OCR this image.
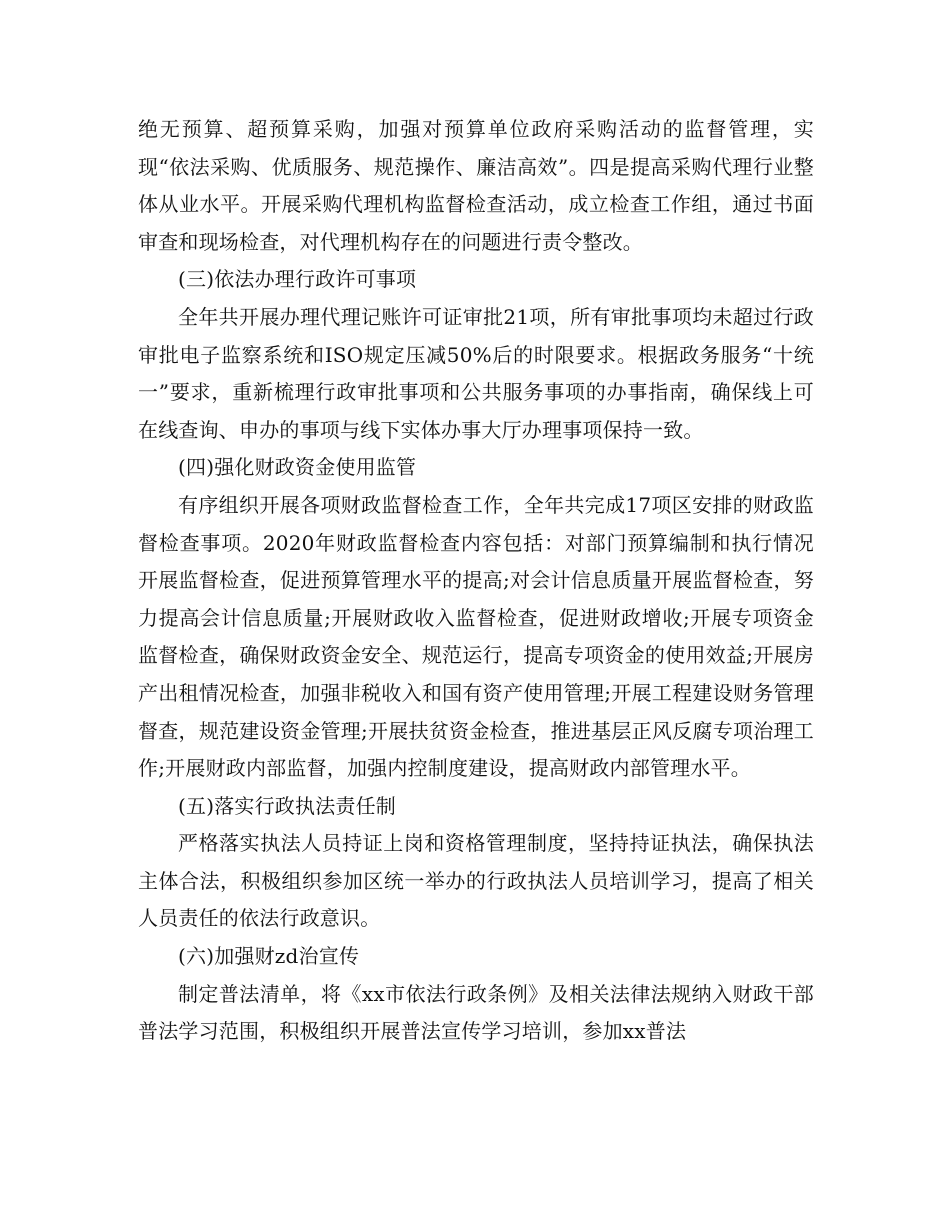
绝无预算、超预算采购，加强对预算单位政府采购活动的监督管理，实现“依法采购、优质服务、规范操作、廉洁高效”。四是提高采购代理行业整体从业水平。开展采购代理机构监督检查活动，成立检查工作组，通过书面审查和现场检查，对代理机构存在的问题进行责令整改。

(三)依法办理行政许可事项

全年共开展办理代理记账许可证审批21项，所有审批事项均未超过行政审批电子监察系统和ISO规定压减50%后的时限要求。根据政务服务“十统一”要求，重新梳理行政审批事项和公共服务事项的办事指南，确保线上可在线查询、申办的事项与线下实体办事大厅办理事项保持一致。

(四)强化财政资金使用监管

有序组织开展各项财政监督检查工作，全年共完成17项区安排的财政监督检查事项。2020年财政监督检查内容包括：对部门预算编制和执行情况开展监督检查，促进预算管理水平的提高;对会计信息质量开展监督检查，努力提高会计信息质量;开展财政收入监督检查，促进财政增收;开展专项资金监督检查，确保财政资金安全、规范运行，提高专项资金的使用效益;开展房产出租情况检查，加强非税收入和国有资产使用管理;开展工程建设财务管理督查，规范建设资金管理;开展扶贫资金检查，推进基层正风反腐专项治理工作;开展财政内部监督，加强内控制度建设，提高财政内部管理水平。

(五)落实行政执法责任制

严格落实执法人员持证上岗和资格管理制度，坚持持证执法，确保执法主体合法，积极组织参加区统一举办的行政执法人员培训学习，提高了相关人员责任的依法行政意识。

(六)加强财zd治宣传

制定普法清单，将《xx市依法行政条例》及相关法律法规纳入财政干部普法学习范围，积极组织开展普法宣传学习培训，参加xx普法
